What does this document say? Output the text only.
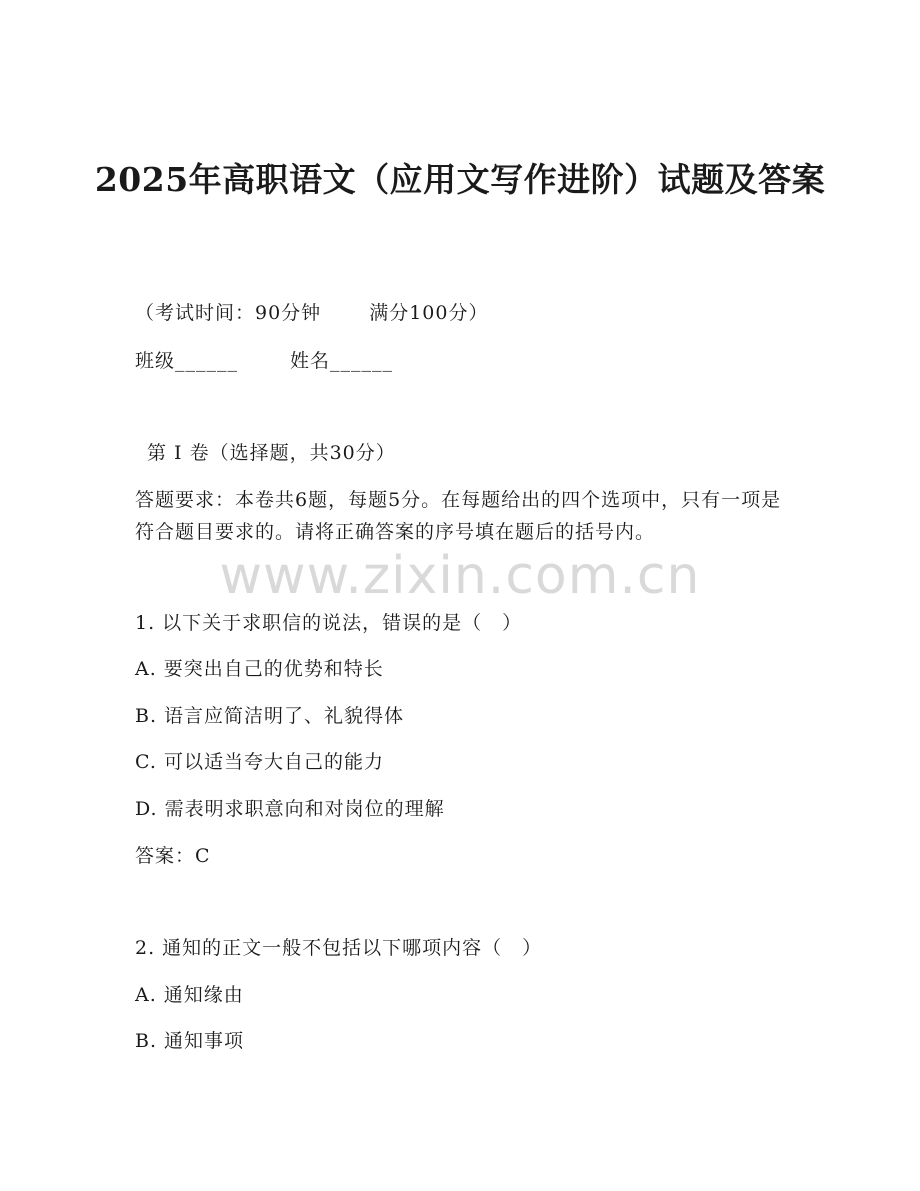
www.zixin.com.cn
2025年高职语文（应用文写作进阶）试题及答案
（考试时间：90分钟	满分100分）
班级______	姓名______
第 I 卷（选择题，共30分）
答题要求：本卷共6题，每题5分。在每题给出的四个选项中，只有一项是符合题目要求的。请将正确答案的序号填在题后的括号内。
1. 以下关于求职信的说法，错误的是（　）
A. 要突出自己的优势和特长
B. 语言应简洁明了、礼貌得体
C. 可以适当夸大自己的能力
D. 需表明求职意向和对岗位的理解
答案：C
2. 通知的正文一般不包括以下哪项内容（　）
A. 通知缘由
B. 通知事项
